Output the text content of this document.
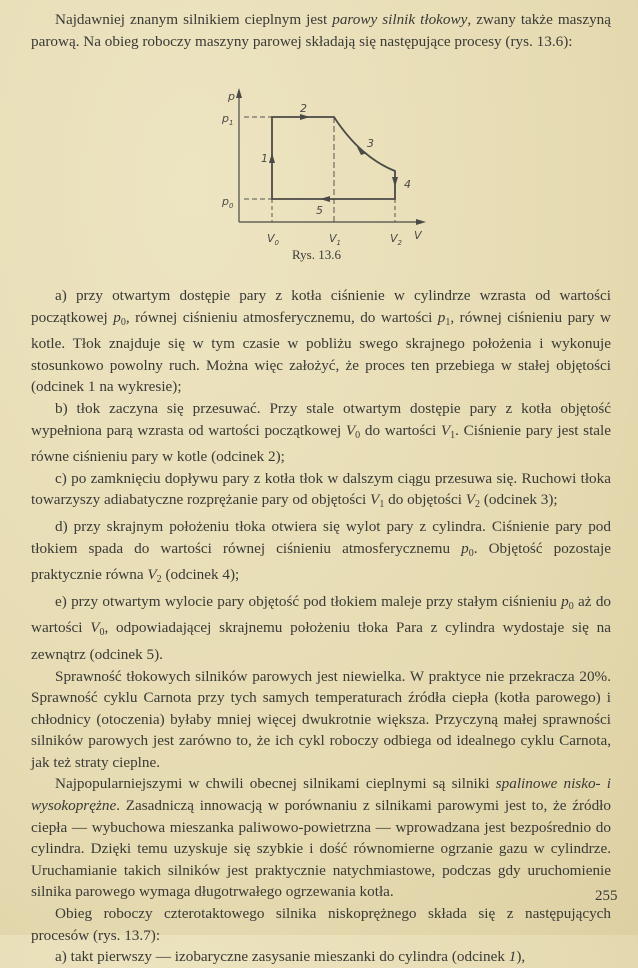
Najdawniej znanym silnikiem cieplnym jest parowy silnik tłokowy, zwany także maszyną parową. Na obieg roboczy maszyny parowej składają się następujące procesy (rys. 13.6):

p
V
$p_1$
$p_0$
$V_0$	$V_1$	$V_2$
1
2
3
4
5
Rys. 13.6

a) przy otwartym dostępie pary z kotła ciśnienie w cylindrze wzrasta od wartości początkowej $p_0$, równej ciśnieniu atmosferycznemu, do wartości $p_1$, równej ciśnieniu pary w kotle. Tłok znajduje się w tym czasie w pobliżu swego skrajnego położenia i wykonuje stosunkowo powolny ruch. Można więc założyć, że proces ten przebiega w stałej objętości (odcinek 1 na wykresie);

b) tłok zaczyna się przesuwać. Przy stale otwartym dostępie pary z kotła objętość wypełniona parą wzrasta od wartości początkowej $V_0$ do wartości $V_1$. Ciśnienie pary jest stale równe ciśnieniu pary w kotle (odcinek 2);

c) po zamknięciu dopływu pary z kotła tłok w dalszym ciągu przesuwa się. Ruchowi tłoka towarzyszy adiabatyczne rozprężanie pary od objętości $V_1$ do objętości $V_2$ (odcinek 3);

d) przy skrajnym położeniu tłoka otwiera się wylot pary z cylindra. Ciśnienie pary pod tłokiem spada do wartości równej ciśnieniu atmosferycznemu $p_0$. Objętość pozostaje praktycznie równa $V_2$ (odcinek 4);

e) przy otwartym wylocie pary objętość pod tłokiem maleje przy stałym ciśnieniu $p_0$ aż do wartości $V_0$, odpowiadającej skrajnemu położeniu tłoka Para z cylindra wydostaje się na zewnątrz (odcinek 5).

Sprawność tłokowych silników parowych jest niewielka. W praktyce nie przekracza 20%. Sprawność cyklu Carnota przy tych samych temperaturach źródła ciepła (kotła parowego) i chłodnicy (otoczenia) byłaby mniej więcej dwukrotnie większa. Przyczyną małej sprawności silników parowych jest zarówno to, że ich cykl roboczy odbiega od idealnego cyklu Carnota, jak też straty cieplne.

Najpopularniejszymi w chwili obecnej silnikami cieplnymi są silniki spalinowe nisko- i wysokoprężne. Zasadniczą innowacją w porównaniu z silnikami parowymi jest to, że źródło ciepła — wybuchowa mieszanka paliwowo-powietrzna — wprowadzana jest bezpośrednio do cylindra. Dzięki temu uzyskuje się szybkie i dość równomierne ogrzanie gazu w cylindrze. Uruchamianie takich silników jest praktycznie natychmiastowe, podczas gdy uruchomienie silnika parowego wymaga długotrwałego ogrzewania kotła.

Obieg roboczy czterotaktowego silnika niskoprężnego składa się z następujących procesów (rys. 13.7):

a) takt pierwszy — izobaryczne zasysanie mieszanki do cylindra (odcinek 1),

255
